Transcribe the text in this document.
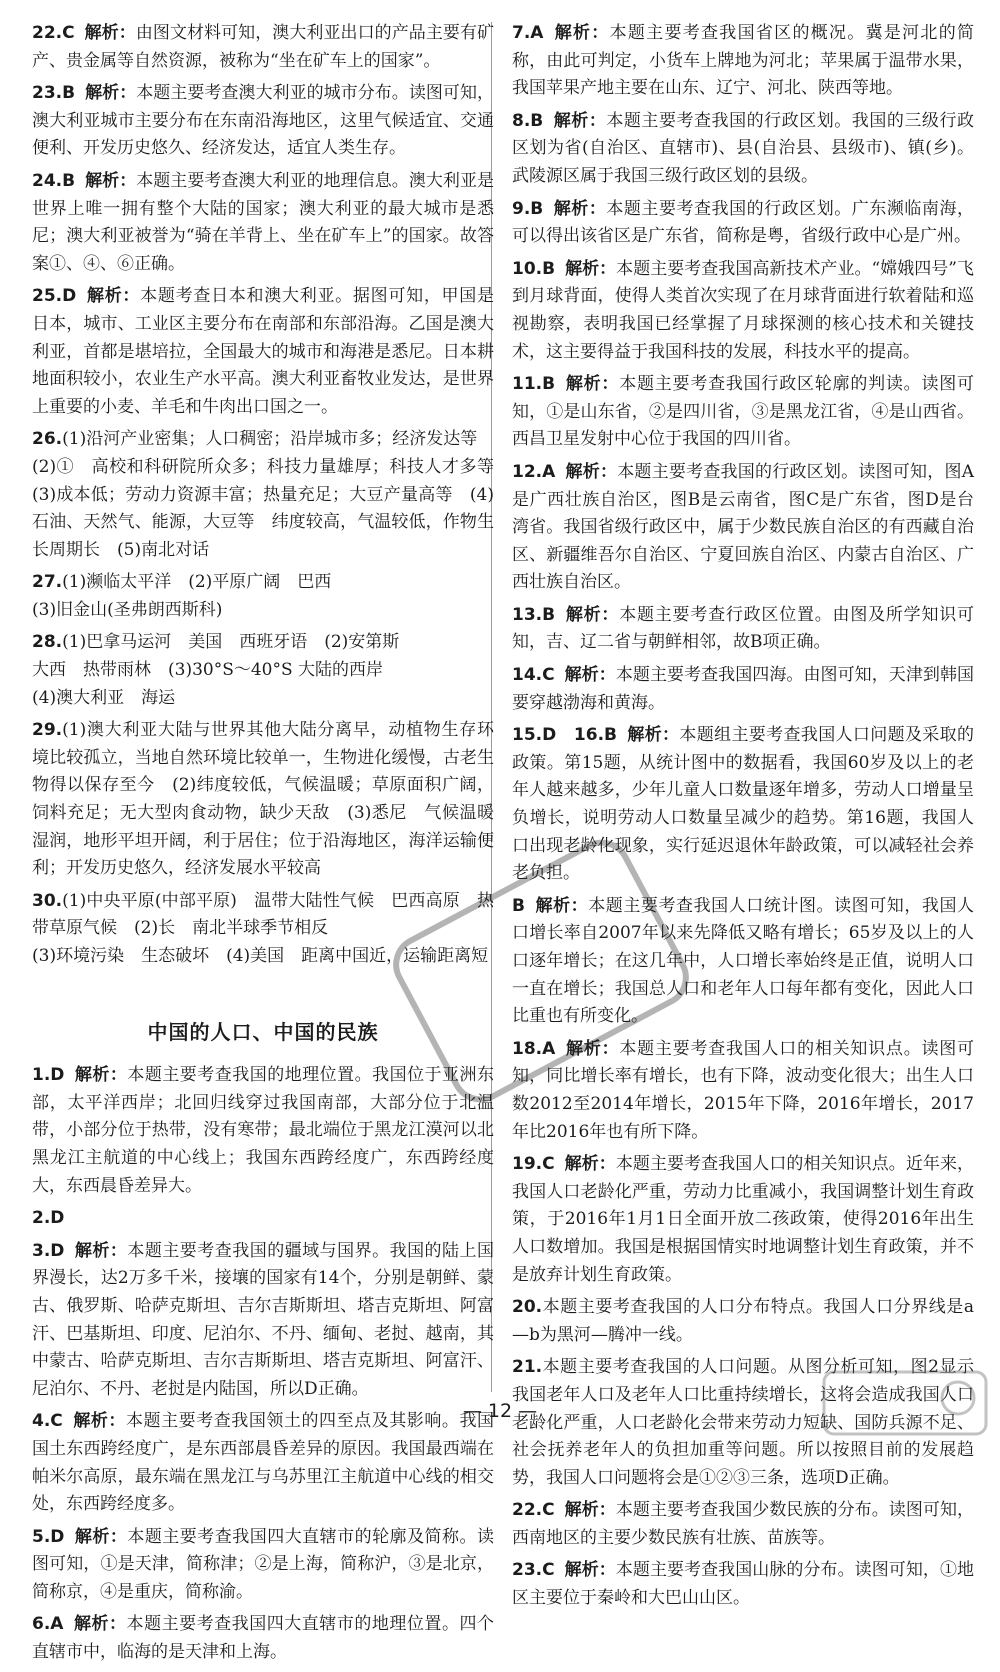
22.C 解析：由图文材料可知，澳大利亚出口的产品主要有矿产、贵金属等自然资源，被称为“坐在矿车上的国家”。
23.B 解析：本题主要考查澳大利亚的城市分布。读图可知，澳大利亚城市主要分布在东南沿海地区，这里气候适宜、交通便利、开发历史悠久、经济发达，适宜人类生存。
24.B 解析：本题主要考查澳大利亚的地理信息。澳大利亚是世界上唯一拥有整个大陆的国家；澳大利亚的最大城市是悉尼；澳大利亚被誉为“骑在羊背上、坐在矿车上”的国家。故答案①、④、⑥正确。
25.D 解析：本题考查日本和澳大利亚。据图可知，甲国是日本，城市、工业区主要分布在南部和东部沿海。乙国是澳大利亚，首都是堪培拉，全国最大的城市和海港是悉尼。日本耕地面积较小，农业生产水平高。澳大利亚畜牧业发达，是世界上重要的小麦、羊毛和牛肉出口国之一。
26.(1)沿河产业密集；人口稠密；沿岸城市多；经济发达等
(2)①　高校和科研院所众多；科技力量雄厚；科技人才多等　(3)成本低；劳动力资源丰富；热量充足；大豆产量高等　(4)石油、天然气、能源，大豆等　纬度较高，气温较低，作物生长周期长　(5)南北对话
27.(1)濒临太平洋　(2)平原广阔　巴西
(3)旧金山(圣弗朗西斯科)
28.(1)巴拿马运河　美国　西班牙语　(2)安第斯
大西　热带雨林　(3)30°S～40°S 大陆的西岸
(4)澳大利亚　海运
29.(1)澳大利亚大陆与世界其他大陆分离早，动植物生存环境比较孤立，当地自然环境比较单一，生物进化缓慢，古老生物得以保存至今　(2)纬度较低，气候温暖；草原面积广阔，饲料充足；无大型肉食动物，缺少天敌　(3)悉尼　气候温暖湿润，地形平坦开阔，利于居住；位于沿海地区，海洋运输便利；开发历史悠久，经济发展水平较高
30.(1)中央平原(中部平原)　温带大陆性气候　巴西高原　热带草原气候　(2)长　南北半球季节相反
(3)环境污染　生态破坏　(4)美国　距离中国近，运输距离短
中国的人口、中国的民族
1.D 解析：本题主要考查我国的地理位置。我国位于亚洲东部，太平洋西岸；北回归线穿过我国南部，大部分位于北温带，小部分位于热带，没有寒带；最北端位于黑龙江漠河以北黑龙江主航道的中心线上；我国东西跨经度广，东西跨经度大，东西晨昏差异大。
2.D
3.D 解析：本题主要考查我国的疆域与国界。我国的陆上国界漫长，达2万多千米，接壤的国家有14个，分别是朝鲜、蒙古、俄罗斯、哈萨克斯坦、吉尔吉斯斯坦、塔吉克斯坦、阿富汗、巴基斯坦、印度、尼泊尔、不丹、缅甸、老挝、越南，其中蒙古、哈萨克斯坦、吉尔吉斯斯坦、塔吉克斯坦、阿富汗、尼泊尔、不丹、老挝是内陆国，所以D正确。
4.C 解析：本题主要考查我国领土的四至点及其影响。我国国土东西跨经度广，是东西部晨昏差异的原因。我国最西端在帕米尔高原，最东端在黑龙江与乌苏里江主航道中心线的相交处，东西跨经度多。
5.D 解析：本题主要考查我国四大直辖市的轮廓及简称。读图可知，①是天津，简称津；②是上海，简称沪，③是北京，简称京，④是重庆，简称渝。
6.A 解析：本题主要考查我国四大直辖市的地理位置。四个直辖市中，临海的是天津和上海。
7.A 解析：本题主要考查我国省区的概况。冀是河北的简称，由此可判定，小货车上牌地为河北；苹果属于温带水果，我国苹果产地主要在山东、辽宁、河北、陕西等地。
8.B 解析：本题主要考查我国的行政区划。我国的三级行政区划为省(自治区、直辖市)、县(自治县、县级市)、镇(乡)。武陵源区属于我国三级行政区划的县级。
9.B 解析：本题主要考查我国的行政区划。广东濒临南海，可以得出该省区是广东省，简称是粤，省级行政中心是广州。
10.B 解析：本题主要考查我国高新技术产业。“嫦娥四号”飞到月球背面，使得人类首次实现了在月球背面进行软着陆和巡视勘察，表明我国已经掌握了月球探测的核心技术和关键技术，这主要得益于我国科技的发展，科技水平的提高。
11.B 解析：本题主要考查我国行政区轮廓的判读。读图可知，①是山东省，②是四川省，③是黑龙江省，④是山西省。西昌卫星发射中心位于我国的四川省。
12.A 解析：本题主要考查我国的行政区划。读图可知，图A是广西壮族自治区，图B是云南省，图C是广东省，图D是台湾省。我国省级行政区中，属于少数民族自治区的有西藏自治区、新疆维吾尔自治区、宁夏回族自治区、内蒙古自治区、广西壮族自治区。
13.B 解析：本题主要考查行政区位置。由图及所学知识可知，吉、辽二省与朝鲜相邻，故B项正确。
14.C 解析：本题主要考查我国四海。由图可知，天津到韩国要穿越渤海和黄海。
15.D　16.B 解析：本题组主要考查我国人口问题及采取的政策。第15题，从统计图中的数据看，我国60岁及以上的老年人越来越多，少年儿童人口数量逐年增多，劳动人口增量呈负增长，说明劳动人口数量呈减少的趋势。第16题，我国人口出现老龄化现象，实行延迟退休年龄政策，可以减轻社会养老负担。
B 解析：本题主要考查我国人口统计图。读图可知，我国人口增长率自2007年以来先降低又略有增长；65岁及以上的人口逐年增长；在这几年中，人口增长率始终是正值，说明人口一直在增长；我国总人口和老年人口每年都有变化，因此人口比重也有所变化。
18.A 解析：本题主要考查我国人口的相关知识点。读图可知，同比增长率有增长，也有下降，波动变化很大；出生人口数2012至2014年增长，2015年下降，2016年增长，2017年比2016年也有所下降。
19.C 解析：本题主要考查我国人口的相关知识点。近年来，我国人口老龄化严重，劳动力比重减小，我国调整计划生育政策，于2016年1月1日全面开放二孩政策，使得2016年出生人口数增加。我国是根据国情实时地调整计划生育政策，并不是放弃计划生育政策。
20.本题主要考查我国的人口分布特点。我国人口分界线是a—b为黑河—腾冲一线。
21.本题主要考查我国的人口问题。从图分析可知，图2显示我国老年人口及老年人口比重持续增长，这将会造成我国人口老龄化严重，人口老龄化会带来劳动力短缺、国防兵源不足、社会抚养老年人的负担加重等问题。所以按照目前的发展趋势，我国人口问题将会是①②③三条，选项D正确。
22.C 解析：本题主要考查我国少数民族的分布。读图可知，西南地区的主要少数民族有壮族、苗族等。
23.C 解析：本题主要考查我国山脉的分布。读图可知，①地区主要位于秦岭和大巴山山区。
— 12 —
